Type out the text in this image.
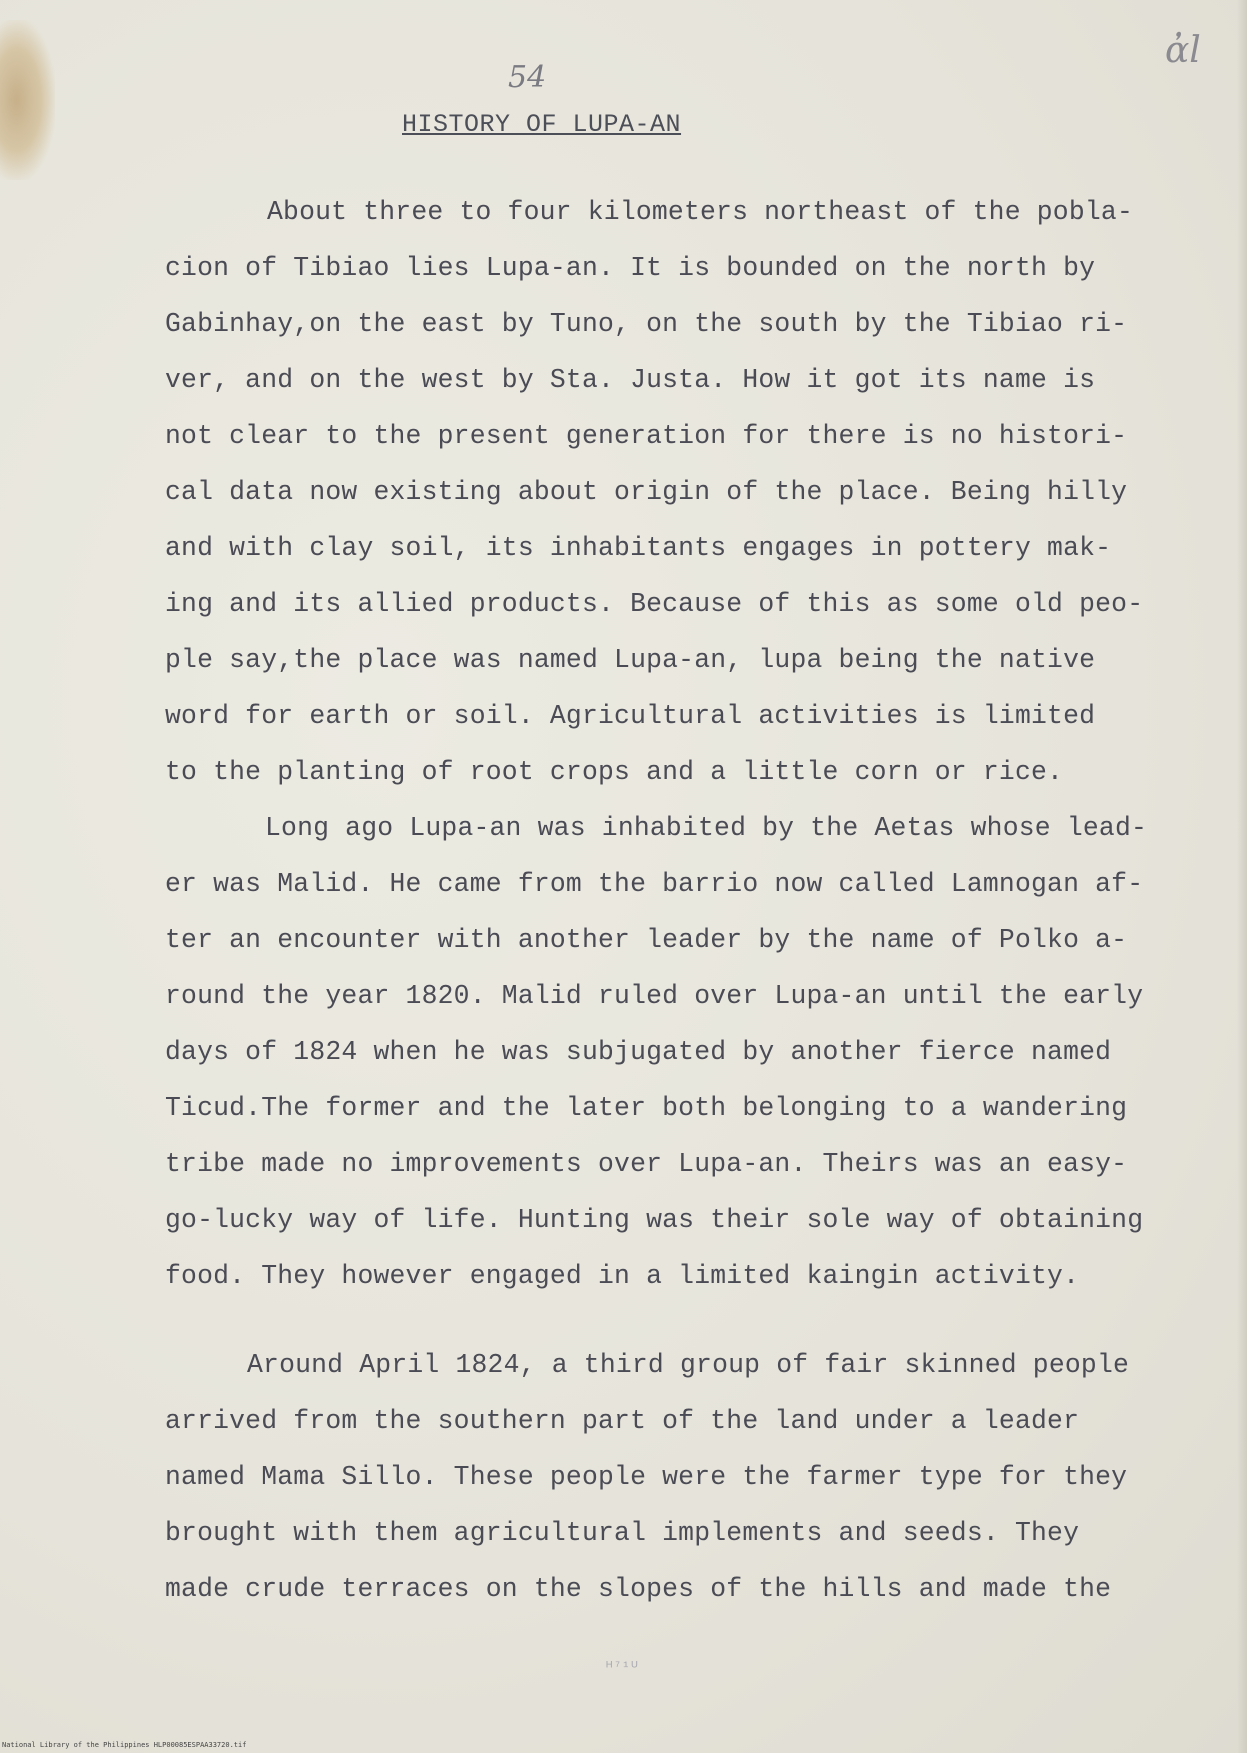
54
ἀl
HISTORY OF LUPA-AN
About three to four kilometers northeast of the pobla-
cion of Tibiao lies Lupa-an. It is bounded on the north by
Gabinhay,on the east by Tuno, on the south by the Tibiao ri-
ver, and on the west by Sta. Justa. How it got its name is
not clear to the present generation for there is no histori-
cal data now existing about origin of the place. Being hilly
and with clay soil, its inhabitants engages in pottery mak-
ing and its allied products. Because of this as some old peo-
ple say,the place was named Lupa-an, lupa being the native
word for earth or soil. Agricultural activities is limited
to the planting of root crops and a little corn or rice.
Long ago Lupa-an was inhabited by the Aetas whose lead-
er was Malid. He came from the barrio now called Lamnogan af-
ter an encounter with another leader by the name of Polko a-
round the year 1820. Malid ruled over Lupa-an until the early
days of 1824 when he was subjugated by another fierce named
Ticud.The former and the later both belonging to a wandering
tribe made no improvements over Lupa-an. Theirs was an easy-
go-lucky way of life. Hunting was their sole way of obtaining
food. They however engaged in a limited kaingin activity.
Around April 1824, a third group of fair skinned people
arrived from the southern part of the land under a leader
named Mama Sillo. These people were the farmer type for they
brought with them agricultural implements and seeds. They
made crude terraces on the slopes of the hills and made the
ᴴ⁷¹ᵁ
National Library of the Philippines HLP00085ESPAA33720.tif
